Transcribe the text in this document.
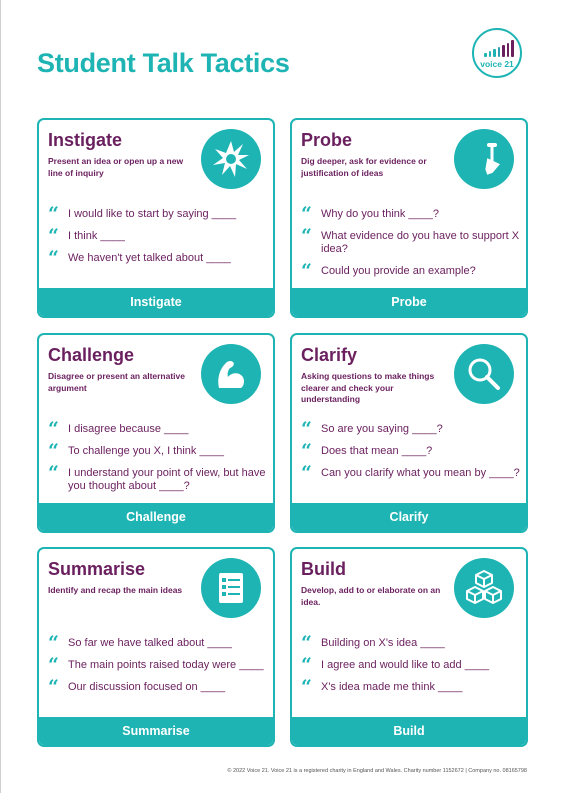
Student Talk Tactics	voice 21
Instigate
Present an idea or open up a new line of inquiry
“ I would like to start by saying ____
“ I think ____
“ We haven't yet talked about ____
Instigate
Probe
Dig deeper, ask for evidence or justification of ideas
“ Why do you think ____?
“ What evidence do you have to support X idea?
“ Could you provide an example?
Probe
Challenge
Disagree or present an alternative argument
“ I disagree because ____
“ To challenge you X, I think ____
“ I understand your point of view, but have you thought about ____?
Challenge
Clarify
Asking questions to make things clearer and check your understanding
“ So are you saying ____?
“ Does that mean ____?
“ Can you clarify what you mean by ____?
Clarify
Summarise
Identify and recap the main ideas
“ So far we have talked about ____
“ The main points raised today were ____
“ Our discussion focused on ____
Summarise
Build
Develop, add to or elaborate on an idea.
“ Building on X's idea ____
“ I agree and would like to add ____
“ X's idea made me think ____
Build
© 2022 Voice 21. Voice 21 is a registered charity in England and Wales. Charity number 1152672 | Company no. 08165798
